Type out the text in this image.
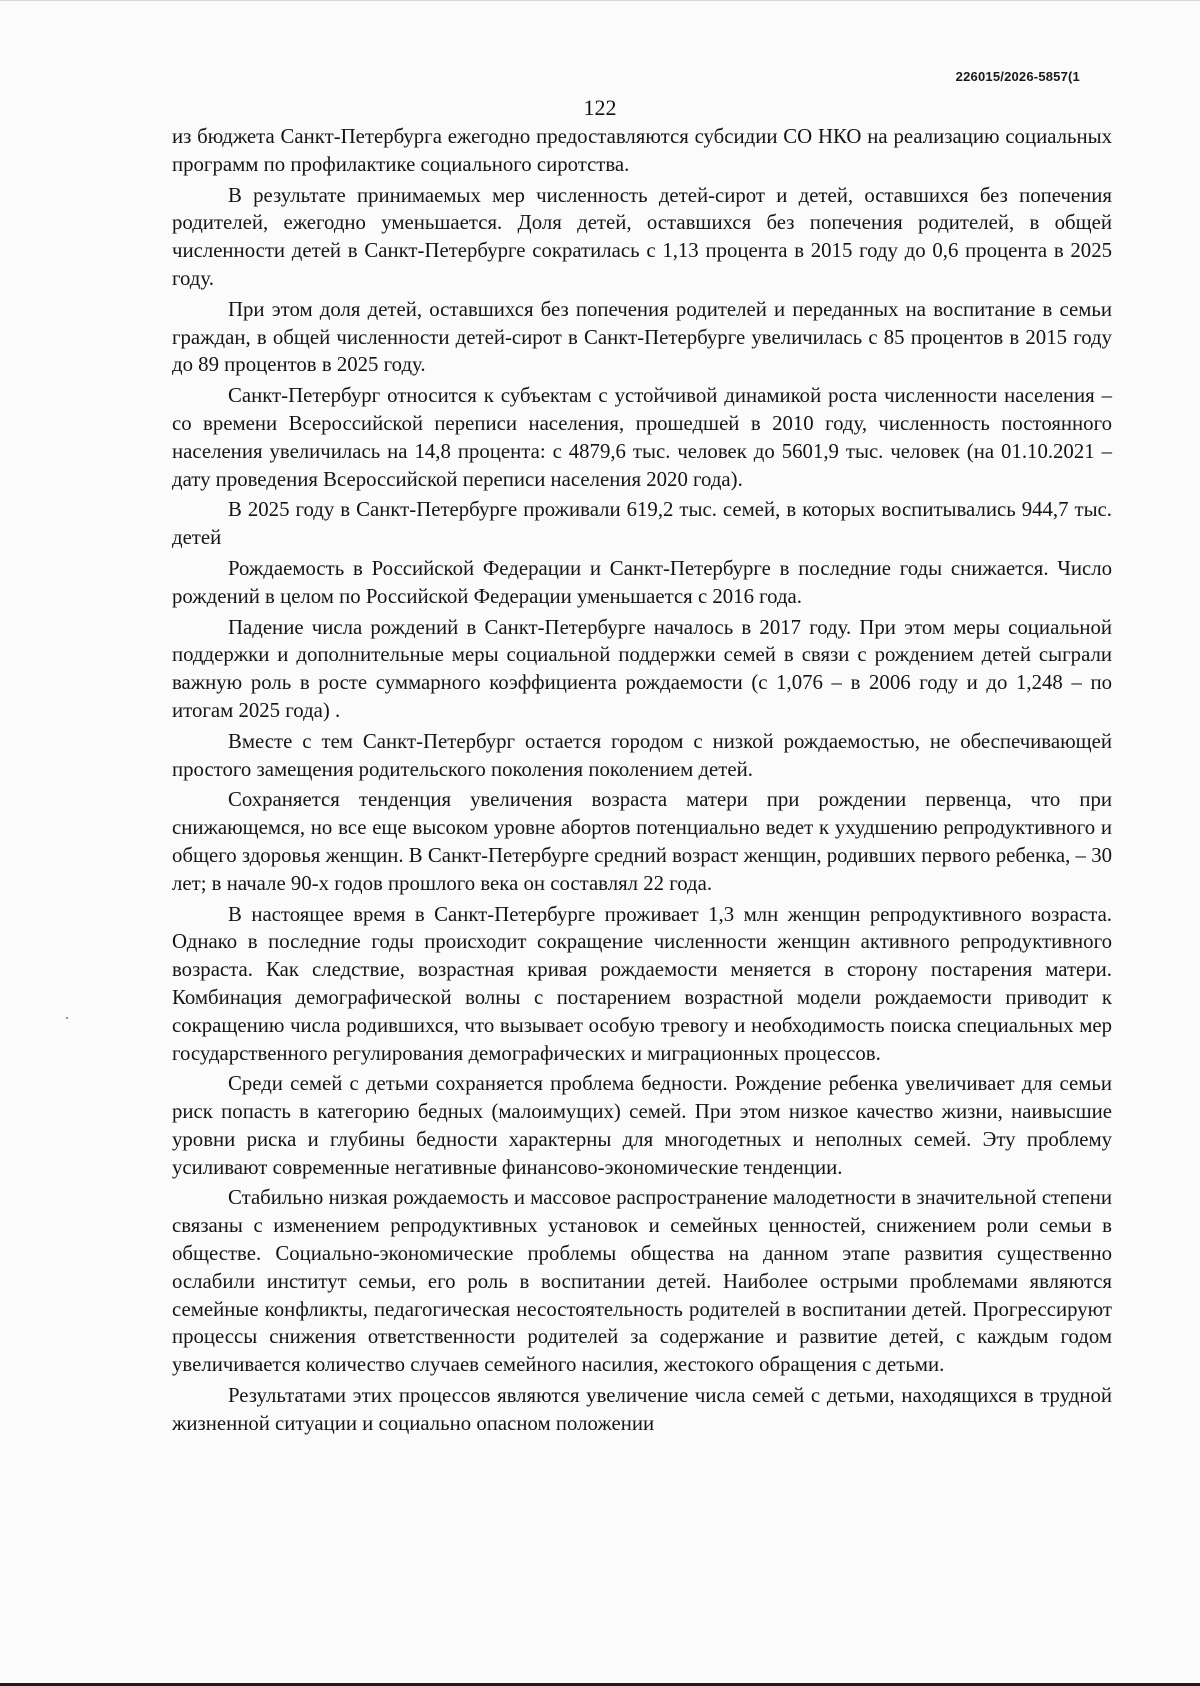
226015/2026-5857(1
122

из бюджета Санкт-Петербурга ежегодно предоставляются субсидии СО НКО на реализацию социальных программ по профилактике социального сиротства.

В результате принимаемых мер численность детей-сирот и детей, оставшихся без попечения родителей, ежегодно уменьшается. Доля детей, оставшихся без попечения родителей, в общей численности детей в Санкт-Петербурге сократилась с 1,13 процента в 2015 году до 0,6 процента в 2025 году.

При этом доля детей, оставшихся без попечения родителей и переданных на воспитание в семьи граждан, в общей численности детей-сирот в Санкт-Петербурге увеличилась с 85 процентов в 2015 году до 89 процентов в 2025 году.

Санкт-Петербург относится к субъектам с устойчивой динамикой роста численности населения – со времени Всероссийской переписи населения, прошедшей в 2010 году, численность постоянного населения увеличилась на 14,8 процента: с 4879,6 тыс. человек до 5601,9 тыс. человек (на 01.10.2021 – дату проведения Всероссийской переписи населения 2020 года).

В 2025 году в Санкт-Петербурге проживали 619,2 тыс. семей, в которых воспитывались 944,7 тыс. детей

Рождаемость в Российской Федерации и Санкт-Петербурге в последние годы снижается. Число рождений в целом по Российской Федерации уменьшается с 2016 года.

Падение числа рождений в Санкт-Петербурге началось в 2017 году. При этом меры социальной поддержки и дополнительные меры социальной поддержки семей в связи с рождением детей сыграли важную роль в росте суммарного коэффициента рождаемости (с 1,076 – в 2006 году и до 1,248 – по итогам 2025 года) .

Вместе с тем Санкт-Петербург остается городом с низкой рождаемостью, не обеспечивающей простого замещения родительского поколения поколением детей.

Сохраняется тенденция увеличения возраста матери при рождении первенца, что при снижающемся, но все еще высоком уровне абортов потенциально ведет к ухудшению репродуктивного и общего здоровья женщин. В Санкт-Петербурге средний возраст женщин, родивших первого ребенка, – 30 лет; в начале 90-х годов прошлого века он составлял 22 года.

В настоящее время в Санкт-Петербурге проживает 1,3 млн женщин репродуктивного возраста. Однако в последние годы происходит сокращение численности женщин активного репродуктивного возраста. Как следствие, возрастная кривая рождаемости меняется в сторону постарения матери. Комбинация демографической волны с постарением возрастной модели рождаемости приводит к сокращению числа родившихся, что вызывает особую тревогу и необходимость поиска специальных мер государственного регулирования демографических и миграционных процессов.

Среди семей с детьми сохраняется проблема бедности. Рождение ребенка увеличивает для семьи риск попасть в категорию бедных (малоимущих) семей. При этом низкое качество жизни, наивысшие уровни риска и глубины бедности характерны для многодетных и неполных семей. Эту проблему усиливают современные негативные финансово-экономические тенденции.

Стабильно низкая рождаемость и массовое распространение малодетности в значительной степени связаны с изменением репродуктивных установок и семейных ценностей, снижением роли семьи в обществе. Социально-экономические проблемы общества на данном этапе развития существенно ослабили институт семьи, его роль в воспитании детей. Наиболее острыми проблемами являются семейные конфликты, педагогическая несостоятельность родителей в воспитании детей. Прогрессируют процессы снижения ответственности родителей за содержание и развитие детей, с каждым годом увеличивается количество случаев семейного насилия, жестокого обращения с детьми.

Результатами этих процессов являются увеличение числа семей с детьми, находящихся в трудной жизненной ситуации и социально опасном положении
